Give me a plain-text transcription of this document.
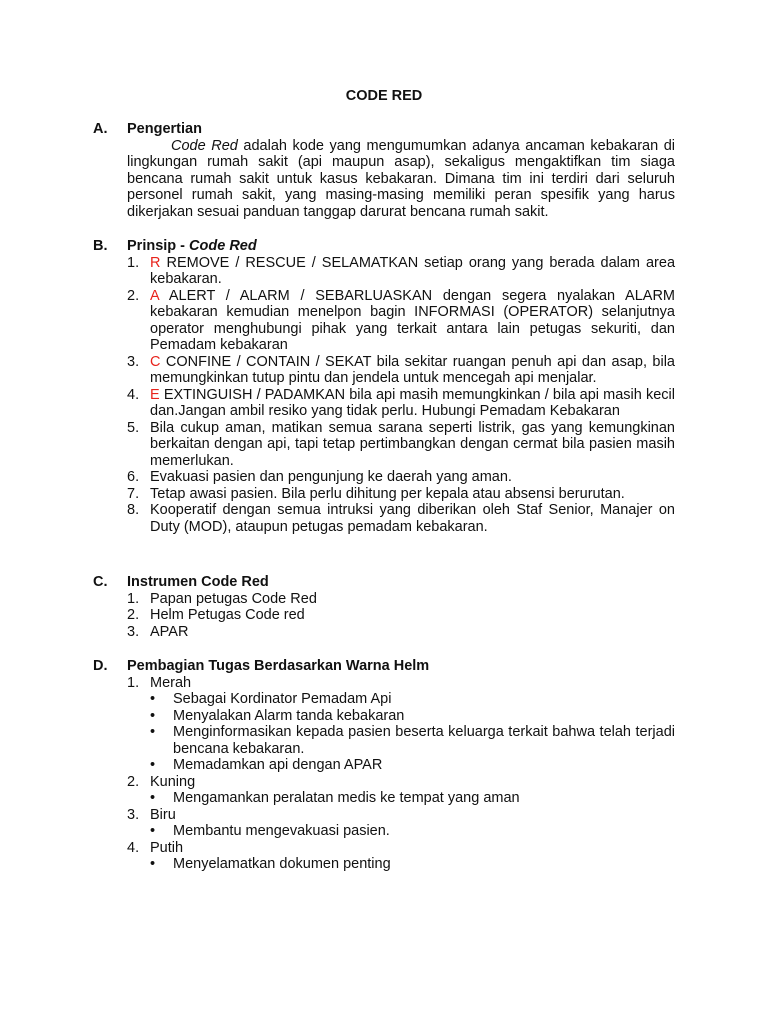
CODE RED
A. Pengertian
Code Red adalah kode yang mengumumkan adanya ancaman kebakaran di lingkungan rumah sakit (api maupun asap), sekaligus mengaktifkan tim siaga bencana rumah sakit untuk kasus kebakaran. Dimana tim ini terdiri dari seluruh personel rumah sakit, yang masing-masing memiliki peran spesifik yang harus dikerjakan sesuai panduan tanggap darurat bencana rumah sakit.
B. Prinsip - Code Red
1. R REMOVE / RESCUE / SELAMATKAN setiap orang yang berada dalam area kebakaran.
2. A ALERT / ALARM / SEBARLUASKAN dengan segera nyalakan ALARM kebakaran kemudian menelpon bagin INFORMASI (OPERATOR) selanjutnya operator menghubungi pihak yang terkait antara lain petugas sekuriti, dan Pemadam kebakaran
3. C CONFINE / CONTAIN / SEKAT bila sekitar ruangan penuh api dan asap, bila memungkinkan tutup pintu dan jendela untuk mencegah api menjalar.
4. E EXTINGUISH / PADAMKAN bila api masih memungkinkan / bila api masih kecil dan.Jangan ambil resiko yang tidak perlu. Hubungi Pemadam Kebakaran
5. Bila cukup aman, matikan semua sarana seperti listrik, gas yang kemungkinan berkaitan dengan api, tapi tetap pertimbangkan dengan cermat bila pasien masih memerlukan.
6. Evakuasi pasien dan pengunjung ke daerah yang aman.
7. Tetap awasi pasien. Bila perlu dihitung per kepala atau absensi berurutan.
8. Kooperatif dengan semua intruksi yang diberikan oleh Staf Senior, Manajer on Duty (MOD), ataupun petugas pemadam kebakaran.
C. Instrumen Code Red
1. Papan petugas Code Red
2. Helm Petugas Code red
3. APAR
D. Pembagian Tugas Berdasarkan Warna Helm
1. Merah
• Sebagai Kordinator Pemadam Api
• Menyalakan Alarm tanda kebakaran
• Menginformasikan kepada pasien beserta keluarga terkait bahwa telah terjadi bencana kebakaran.
• Memadamkan api dengan APAR
2. Kuning
• Mengamankan peralatan medis ke tempat yang aman
3. Biru
• Membantu mengevakuasi pasien.
4. Putih
• Menyelamatkan dokumen penting
